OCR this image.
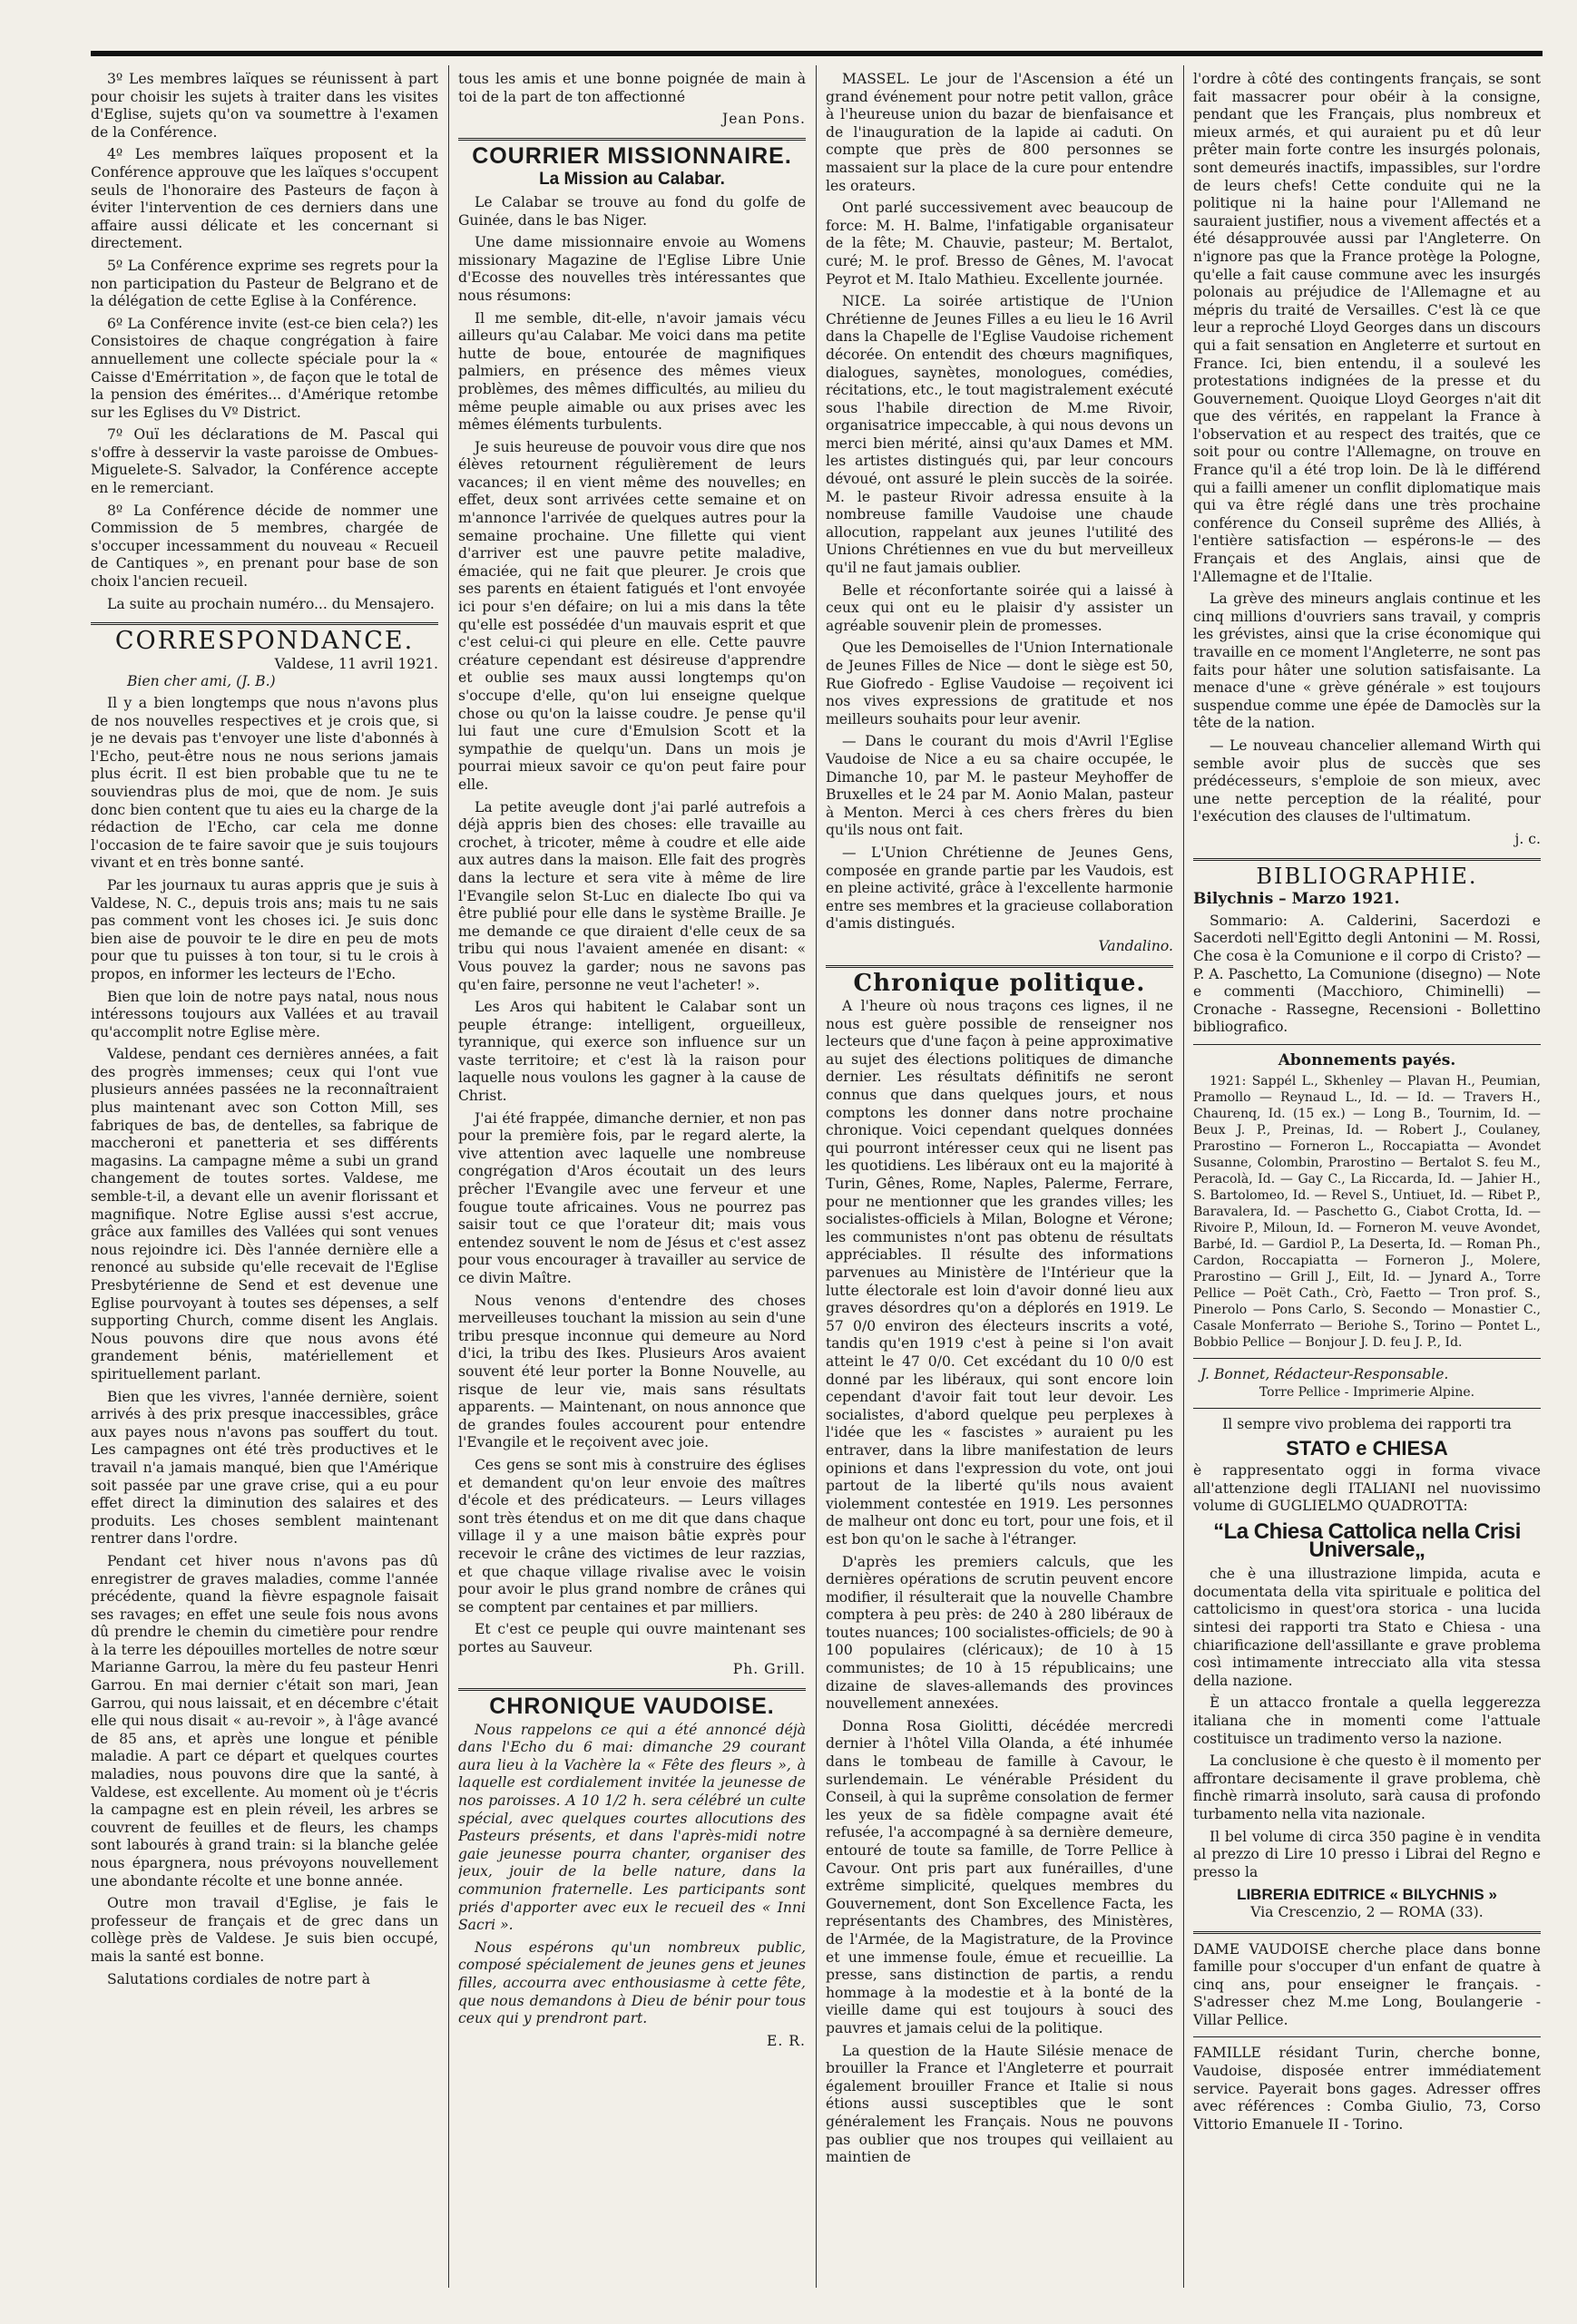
3º Les membres laïques se réunissent à part pour choisir les sujets à traiter dans les visites d'Eglise, sujets qu'on va soumettre à l'examen de la Conférence.

4º Les membres laïques proposent et la Conférence approuve que les laïques s'occupent seuls de l'honoraire des Pasteurs de façon à éviter l'intervention de ces derniers dans une affaire aussi délicate et les concernant si directement.

5º La Conférence exprime ses regrets pour la non participation du Pasteur de Belgrano et de la délégation de cette Eglise à la Conférence.

6º La Conférence invite (est-ce bien cela?) les Consistoires de chaque congrégation à faire annuellement une collecte spéciale pour la « Caisse d'Emérritation », de façon que le total de la pension des émérites... d'Amérique retombe sur les Eglises du Vº District.

7º Ouï les déclarations de M. Pascal qui s'offre à desservir la vaste paroisse de Ombues-Miguelete-S. Salvador, la Conférence accepte en le remerciant.

8º La Conférence décide de nommer une Commission de 5 membres, chargée de s'occuper incessamment du nouveau « Recueil de Cantiques », en prenant pour base de son choix l'ancien recueil.

La suite au prochain numéro... du Mensajero.

CORRESPONDANCE.
Valdese, 11 avril 1921.
Bien cher ami, (J. B.)

Il y a bien longtemps que nous n'avons plus de nos nouvelles respectives et je crois que, si je ne devais pas t'envoyer une liste d'abonnés à l'Echo, peut-être nous ne nous serions jamais plus écrit. Il est bien probable que tu ne te souviendras plus de moi, que de nom. Je suis donc bien content que tu aies eu la charge de la rédaction de l'Echo, car cela me donne l'occasion de te faire savoir que je suis toujours vivant et en très bonne santé.

Par les journaux tu auras appris que je suis à Valdese, N. C., depuis trois ans; mais tu ne sais pas comment vont les choses ici. Je suis donc bien aise de pouvoir te le dire en peu de mots pour que tu puisses à ton tour, si tu le crois à propos, en informer les lecteurs de l'Echo.

Bien que loin de notre pays natal, nous nous intéressons toujours aux Vallées et au travail qu'accomplit notre Eglise mère.

Valdese, pendant ces dernières années, a fait des progrès immenses; ceux qui l'ont vue plusieurs années passées ne la reconnaîtraient plus maintenant avec son Cotton Mill, ses fabriques de bas, de dentelles, sa fabrique de maccheroni et panetteria et ses différents magasins. La campagne même a subi un grand changement de toutes sortes. Valdese, me semble-t-il, a devant elle un avenir florissant et magnifique. Notre Eglise aussi s'est accrue, grâce aux familles des Vallées qui sont venues nous rejoindre ici. Dès l'année dernière elle a renoncé au subside qu'elle recevait de l'Eglise Presbytérienne de Send et est devenue une Eglise pourvoyant à toutes ses dépenses, a self supporting Church, comme disent les Anglais. Nous pouvons dire que nous avons été grandement bénis, matériellement et spirituellement parlant.

Bien que les vivres, l'année dernière, soient arrivés à des prix presque inaccessibles, grâce aux payes nous n'avons pas souffert du tout. Les campagnes ont été très productives et le travail n'a jamais manqué, bien que l'Amérique soit passée par une grave crise, qui a eu pour effet direct la diminution des salaires et des produits. Les choses semblent maintenant rentrer dans l'ordre.

Pendant cet hiver nous n'avons pas dû enregistrer de graves maladies, comme l'année précédente, quand la fièvre espagnole faisait ses ravages; en effet une seule fois nous avons dû prendre le chemin du cimetière pour rendre à la terre les dépouilles mortelles de notre sœur Marianne Garrou, la mère du feu pasteur Henri Garrou. En mai dernier c'était son mari, Jean Garrou, qui nous laissait, et en décembre c'était elle qui nous disait « au-revoir », à l'âge avancé de 85 ans, et après une longue et pénible maladie. A part ce départ et quelques courtes maladies, nous pouvons dire que la santé, à Valdese, est excellente. Au moment où je t'écris la campagne est en plein réveil, les arbres se couvrent de feuilles et de fleurs, les champs sont labourés à grand train: si la blanche gelée nous épargnera, nous prévoyons nouvellement une abondante récolte et une bonne année.

Outre mon travail d'Eglise, je fais le professeur de français et de grec dans un collège près de Valdese. Je suis bien occupé, mais la santé est bonne.

Salutations cordiales de notre part à

tous les amis et une bonne poignée de main à toi de la part de ton affectionné

Jean Pons.
COURRIER MISSIONNAIRE.
La Mission au Calabar.

Le Calabar se trouve au fond du golfe de Guinée, dans le bas Niger.

Une dame missionnaire envoie au Womens missionary Magazine de l'Eglise Libre Unie d'Ecosse des nouvelles très intéressantes que nous résumons:

Il me semble, dit-elle, n'avoir jamais vécu ailleurs qu'au Calabar. Me voici dans ma petite hutte de boue, entourée de magnifiques palmiers, en présence des mêmes vieux problèmes, des mêmes difficultés, au milieu du même peuple aimable ou aux prises avec les mêmes éléments turbulents.

Je suis heureuse de pouvoir vous dire que nos élèves retournent régulièrement de leurs vacances; il en vient même des nouvelles; en effet, deux sont arrivées cette semaine et on m'annonce l'arrivée de quelques autres pour la semaine prochaine. Une fillette qui vient d'arriver est une pauvre petite maladive, émaciée, qui ne fait que pleurer. Je crois que ses parents en étaient fatigués et l'ont envoyée ici pour s'en défaire; on lui a mis dans la tête qu'elle est possédée d'un mauvais esprit et que c'est celui-ci qui pleure en elle. Cette pauvre créature cependant est désireuse d'apprendre et oublie ses maux aussi longtemps qu'on s'occupe d'elle, qu'on lui enseigne quelque chose ou qu'on la laisse coudre. Je pense qu'il lui faut une cure d'Emulsion Scott et la sympathie de quelqu'un. Dans un mois je pourrai mieux savoir ce qu'on peut faire pour elle.

La petite aveugle dont j'ai parlé autrefois a déjà appris bien des choses: elle travaille au crochet, à tricoter, même à coudre et elle aide aux autres dans la maison. Elle fait des progrès dans la lecture et sera vite à même de lire l'Evangile selon St-Luc en dialecte Ibo qui va être publié pour elle dans le système Braille. Je me demande ce que diraient d'elle ceux de sa tribu qui nous l'avaient amenée en disant: « Vous pouvez la garder; nous ne savons pas qu'en faire, personne ne veut l'acheter! ».

Les Aros qui habitent le Calabar sont un peuple étrange: intelligent, orgueilleux, tyrannique, qui exerce son influence sur un vaste territoire; et c'est là la raison pour laquelle nous voulons les gagner à la cause de Christ.

J'ai été frappée, dimanche dernier, et non pas pour la première fois, par le regard alerte, la vive attention avec laquelle une nombreuse congrégation d'Aros écoutait un des leurs prêcher l'Evangile avec une ferveur et une fougue toute africaines. Vous ne pourrez pas saisir tout ce que l'orateur dit; mais vous entendez souvent le nom de Jésus et c'est assez pour vous encourager à travailler au service de ce divin Maître.

Nous venons d'entendre des choses merveilleuses touchant la mission au sein d'une tribu presque inconnue qui demeure au Nord d'ici, la tribu des Ikes. Plusieurs Aros avaient souvent été leur porter la Bonne Nouvelle, au risque de leur vie, mais sans résultats apparents. — Maintenant, on nous annonce que de grandes foules accourent pour entendre l'Evangile et le reçoivent avec joie.

Ces gens se sont mis à construire des églises et demandent qu'on leur envoie des maîtres d'école et des prédicateurs. — Leurs villages sont très étendus et on me dit que dans chaque village il y a une maison bâtie exprès pour recevoir le crâne des victimes de leur razzias, et que chaque village rivalise avec le voisin pour avoir le plus grand nombre de crânes qui se comptent par centaines et par milliers.

Et c'est ce peuple qui ouvre maintenant ses portes au Sauveur.

Ph. Grill.
CHRONIQUE VAUDOISE.

Nous rappelons ce qui a été annoncé déjà dans l'Echo du 6 mai: dimanche 29 courant aura lieu à la Vachère la « Fête des fleurs », à laquelle est cordialement invitée la jeunesse de nos paroisses. A 10 1/2 h. sera célébré un culte spécial, avec quelques courtes allocutions des Pasteurs présents, et dans l'après-midi notre gaie jeunesse pourra chanter, organiser des jeux, jouir de la belle nature, dans la communion fraternelle. Les participants sont priés d'apporter avec eux le recueil des « Inni Sacri ».

Nous espérons qu'un nombreux public, composé spécialement de jeunes gens et jeunes filles, accourra avec enthousiasme à cette fête, que nous demandons à Dieu de bénir pour tous ceux qui y prendront part.

E. R.

MASSEL. Le jour de l'Ascension a été un grand événement pour notre petit vallon, grâce à l'heureuse union du bazar de bienfaisance et de l'inauguration de la lapide ai caduti. On compte que près de 800 personnes se massaient sur la place de la cure pour entendre les orateurs.

Ont parlé successivement avec beaucoup de force: M. H. Balme, l'infatigable organisateur de la fête; M. Chauvie, pasteur; M. Bertalot, curé; M. le prof. Bresso de Gênes, M. l'avocat Peyrot et M. Italo Mathieu. Excellente journée.

NICE. La soirée artistique de l'Union Chrétienne de Jeunes Filles a eu lieu le 16 Avril dans la Chapelle de l'Eglise Vaudoise richement décorée. On entendit des chœurs magnifiques, dialogues, saynètes, monologues, comédies, récitations, etc., le tout magistralement exécuté sous l'habile direction de M.me Rivoir, organisatrice impeccable, à qui nous devons un merci bien mérité, ainsi qu'aux Dames et MM. les artistes distingués qui, par leur concours dévoué, ont assuré le plein succès de la soirée. M. le pasteur Rivoir adressa ensuite à la nombreuse famille Vaudoise une chaude allocution, rappelant aux jeunes l'utilité des Unions Chrétiennes en vue du but merveilleux qu'il ne faut jamais oublier.

Belle et réconfortante soirée qui a laissé à ceux qui ont eu le plaisir d'y assister un agréable souvenir plein de promesses.

Que les Demoiselles de l'Union Internationale de Jeunes Filles de Nice — dont le siège est 50, Rue Giofredo - Eglise Vaudoise — reçoivent ici nos vives expressions de gratitude et nos meilleurs souhaits pour leur avenir.

— Dans le courant du mois d'Avril l'Eglise Vaudoise de Nice a eu sa chaire occupée, le Dimanche 10, par M. le pasteur Meyhoffer de Bruxelles et le 24 par M. Aonio Malan, pasteur à Menton. Merci à ces chers frères du bien qu'ils nous ont fait.

— L'Union Chrétienne de Jeunes Gens, composée en grande partie par les Vaudois, est en pleine activité, grâce à l'excellente harmonie entre ses membres et la gracieuse collaboration d'amis distingués.

Vandalino.
Chronique politique.

A l'heure où nous traçons ces lignes, il ne nous est guère possible de renseigner nos lecteurs que d'une façon à peine approximative au sujet des élections politiques de dimanche dernier. Les résultats définitifs ne seront connus que dans quelques jours, et nous comptons les donner dans notre prochaine chronique. Voici cependant quelques données qui pourront intéresser ceux qui ne lisent pas les quotidiens. Les libéraux ont eu la majorité à Turin, Gênes, Rome, Naples, Palerme, Ferrare, pour ne mentionner que les grandes villes; les socialistes-officiels à Milan, Bologne et Vérone; les communistes n'ont pas obtenu de résultats appréciables. Il résulte des informations parvenues au Ministère de l'Intérieur que la lutte électorale est loin d'avoir donné lieu aux graves désordres qu'on a déplorés en 1919. Le 57 0/0 environ des électeurs inscrits a voté, tandis qu'en 1919 c'est à peine si l'on avait atteint le 47 0/0. Cet excédant du 10 0/0 est donné par les libéraux, qui sont encore loin cependant d'avoir fait tout leur devoir. Les socialistes, d'abord quelque peu perplexes à l'idée que les « fascistes » auraient pu les entraver, dans la libre manifestation de leurs opinions et dans l'expression du vote, ont joui partout de la liberté qu'ils nous avaient violemment contestée en 1919. Les personnes de malheur ont donc eu tort, pour une fois, et il est bon qu'on le sache à l'étranger.

D'après les premiers calculs, que les dernières opérations de scrutin peuvent encore modifier, il résulterait que la nouvelle Chambre compterа à peu près: de 240 à 280 libéraux de toutes nuances; 100 socialistes-officiels; de 90 à 100 populaires (cléricaux); de 10 à 15 communistes; de 10 à 15 républicains; une dizaine de slaves-allemands des provinces nouvellement annexées.

Donna Rosa Giolitti, décédée mercredi dernier à l'hôtel Villa Olanda, a été inhumée dans le tombeau de famille à Cavour, le surlendemain. Le vénérable Président du Conseil, à qui la suprême consolation de fermer les yeux de sa fidèle compagne avait été refusée, l'a accompagné à sa dernière demeure, entouré de toute sa famille, de Torre Pellice à Cavour. Ont pris part aux funérailles, d'une extrême simplicité, quelques membres du Gouvernement, dont Son Excellence Facta, les représentants des Chambres, des Ministères, de l'Armée, de la Magistrature, de la Province et une immense foule, émue et recueillie. La presse, sans distinction de partis, a rendu hommage à la modestie et à la bonté de la vieille dame qui est toujours à souci des pauvres et jamais celui de la politique.

La question de la Haute Silésie menace de brouiller la France et l'Angleterre et pourrait également brouiller France et Italie si nous étions aussi susceptibles que le sont généralement les Français. Nous ne pouvons pas oublier que nos troupes qui veillaient au maintien de

l'ordre à côté des contingents français, se sont fait massacrer pour obéir à la consigne, pendant que les Français, plus nombreux et mieux armés, et qui auraient pu et dû leur prêter main forte contre les insurgés polonais, sont demeurés inactifs, impassibles, sur l'ordre de leurs chefs! Cette conduite qui ne la politique ni la haine pour l'Allemand ne sauraient justifier, nous a vivement affectés et a été désapprouvée aussi par l'Angleterre. On n'ignore pas que la France protège la Pologne, qu'elle a fait cause commune avec les insurgés polonais au préjudice de l'Allemagne et au mépris du traité de Versailles. C'est là ce que leur a reproché Lloyd Georges dans un discours qui a fait sensation en Angleterre et surtout en France. Ici, bien entendu, il a soulevé les protestations indignées de la presse et du Gouvernement. Quoique Lloyd Georges n'ait dit que des vérités, en rappelant la France à l'observation et au respect des traités, que ce soit pour ou contre l'Allemagne, on trouve en France qu'il a été trop loin. De là le différend qui a failli amener un conflit diplomatique mais qui va être réglé dans une très prochaine conférence du Conseil suprême des Alliés, à l'entière satisfaction — espérons-le — des Français et des Anglais, ainsi que de l'Allemagne et de l'Italie.

La grève des mineurs anglais continue et les cinq millions d'ouvriers sans travail, y compris les grévistes, ainsi que la crise économique qui travaille en ce moment l'Angleterre, ne sont pas faits pour hâter une solution satisfaisante. La menace d'une « grève générale » est toujours suspendue comme une épée de Damoclès sur la tête de la nation.

— Le nouveau chancelier allemand Wirth qui semble avoir plus de succès que ses prédécesseurs, s'emploie de son mieux, avec une nette perception de la réalité, pour l'exécution des clauses de l'ultimatum.

j. c.
BIBLIOGRAPHIE.
Bilychnis – Marzo 1921.

Sommario: A. Calderini, Sacerdozi e Sacerdoti nell'Egitto degli Antonini — M. Rossi, Che cosa è la Comunione e il corpo di Cristo? — P. A. Paschetto, La Comunione (disegno) — Note e commenti (Macchioro, Chiminelli) — Cronache - Rassegne, Recensioni - Bollettino bibliografico.

Abonnements payés.

1921: Sappél L., Skhenley — Plavan H., Peumian, Pramollo — Reynaud L., Id. — Id. — Travers H., Chaurenq, Id. (15 ex.) — Long B., Tournim, Id. — Beux J. P., Preinas, Id. — Robert J., Coulaney, Prarostino — Forneron L., Roccapiatta — Avondet Susanne, Colombin, Prarostino — Bertalot S. feu M., Peracolà, Id. — Gay C., La Riccarda, Id. — Jahier H., S. Bartolomeo, Id. — Revel S., Untiuet, Id. — Ribet P., Baravalera, Id. — Paschetto G., Ciabot Crotta, Id. — Rivoire P., Miloun, Id. — Forneron M. veuve Avondet, Barbé, Id. — Gardiol P., La Deserta, Id. — Roman Ph., Cardon, Roccapiatta — Forneron J., Molere, Prarostino — Grill J., Eilt, Id. — Jynard A., Torre Pellice — Poët Cath., Crò, Faetto — Tron prof. S., Pinerolo — Pons Carlo, S. Secondo — Monastier C., Casale Monferrato — Beriohe S., Torino — Pontet L., Bobbio Pellice — Bonjour J. D. feu J. P., Id.

J. Bonnet, Rédacteur-Responsable.
Torre Pellice - Imprimerie Alpine.

Il sempre vivo problema dei rapporti tra

STATO e CHIESA

è rappresentato oggi in forma vivace all'attenzione degli ITALIANI nel nuovissimo volume di GUGLIELMO QUADROTTA:

“La Chiesa Cattolica nella Crisi Universale„

che è una illustrazione limpida, acuta e documentata della vita spirituale e politica del cattolicismo in quest'ora storica - una lucida sintesi dei rapporti tra Stato e Chiesa - una chiarificazione dell'assillante e grave problema così intimamente intrecciato alla vita stessa della nazione.

È un attacco frontale a quella leggerezza italiana che in momenti come l'attuale costituisce un tradimento verso la nazione.

La conclusione è che questo è il momento per affrontare decisamente il grave problema, chè finchè rimarrà insoluto, sarà causa di profondo turbamento nella vita nazionale.

Il bel volume di circa 350 pagine è in vendita al prezzo di Lire 10 presso i Librai del Regno e presso la

LIBRERIA EDITRICE « BILYCHNIS »
Via Crescenzio, 2 — ROMA (33).

DAME VAUDOISE cherche place dans bonne famille pour s'occuper d'un enfant de quatre à cinq ans, pour enseigner le français. - S'adresser chez M.me Long, Boulangerie - Villar Pellice.

FAMILLE résidant Turin, cherche bonne, Vaudoise, disposée entrer immédiatement service. Payerait bons gages. Adresser offres avec références : Comba Giulio, 73, Corso Vittorio Emanuele II - Torino.
